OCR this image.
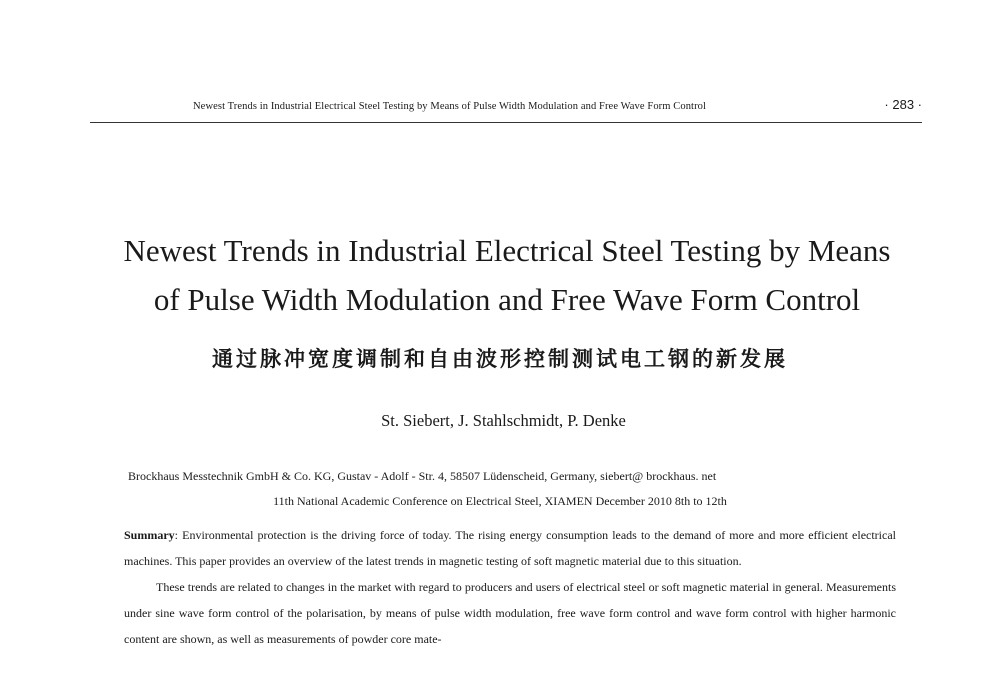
Newest Trends in Industrial Electrical Steel Testing by Means of Pulse Width Modulation and Free Wave Form Control	· 283 ·
Newest Trends in Industrial Electrical Steel Testing by Means
of Pulse Width Modulation and Free Wave Form Control
通过脉冲宽度调制和自由波形控制测试电工钢的新发展
St. Siebert, J. Stahlschmidt, P. Denke
Brockhaus Messtechnik GmbH & Co. KG, Gustav - Adolf - Str. 4, 58507 Lüdenscheid, Germany, siebert@ brockhaus. net
11th National Academic Conference on Electrical Steel, XIAMEN December 2010 8th to 12th

Summary: Environmental protection is the driving force of today. The rising energy consumption leads to the demand of more and more efficient electrical machines. This paper provides an overview of the latest trends in magnetic testing of soft magnetic material due to this situation.

These trends are related to changes in the market with regard to producers and users of electrical steel or soft magnetic material in general. Measurements under sine wave form control of the polarisation, by means of pulse width modulation, free wave form control and wave form control with higher harmonic content are shown, as well as measurements of powder core mate-
